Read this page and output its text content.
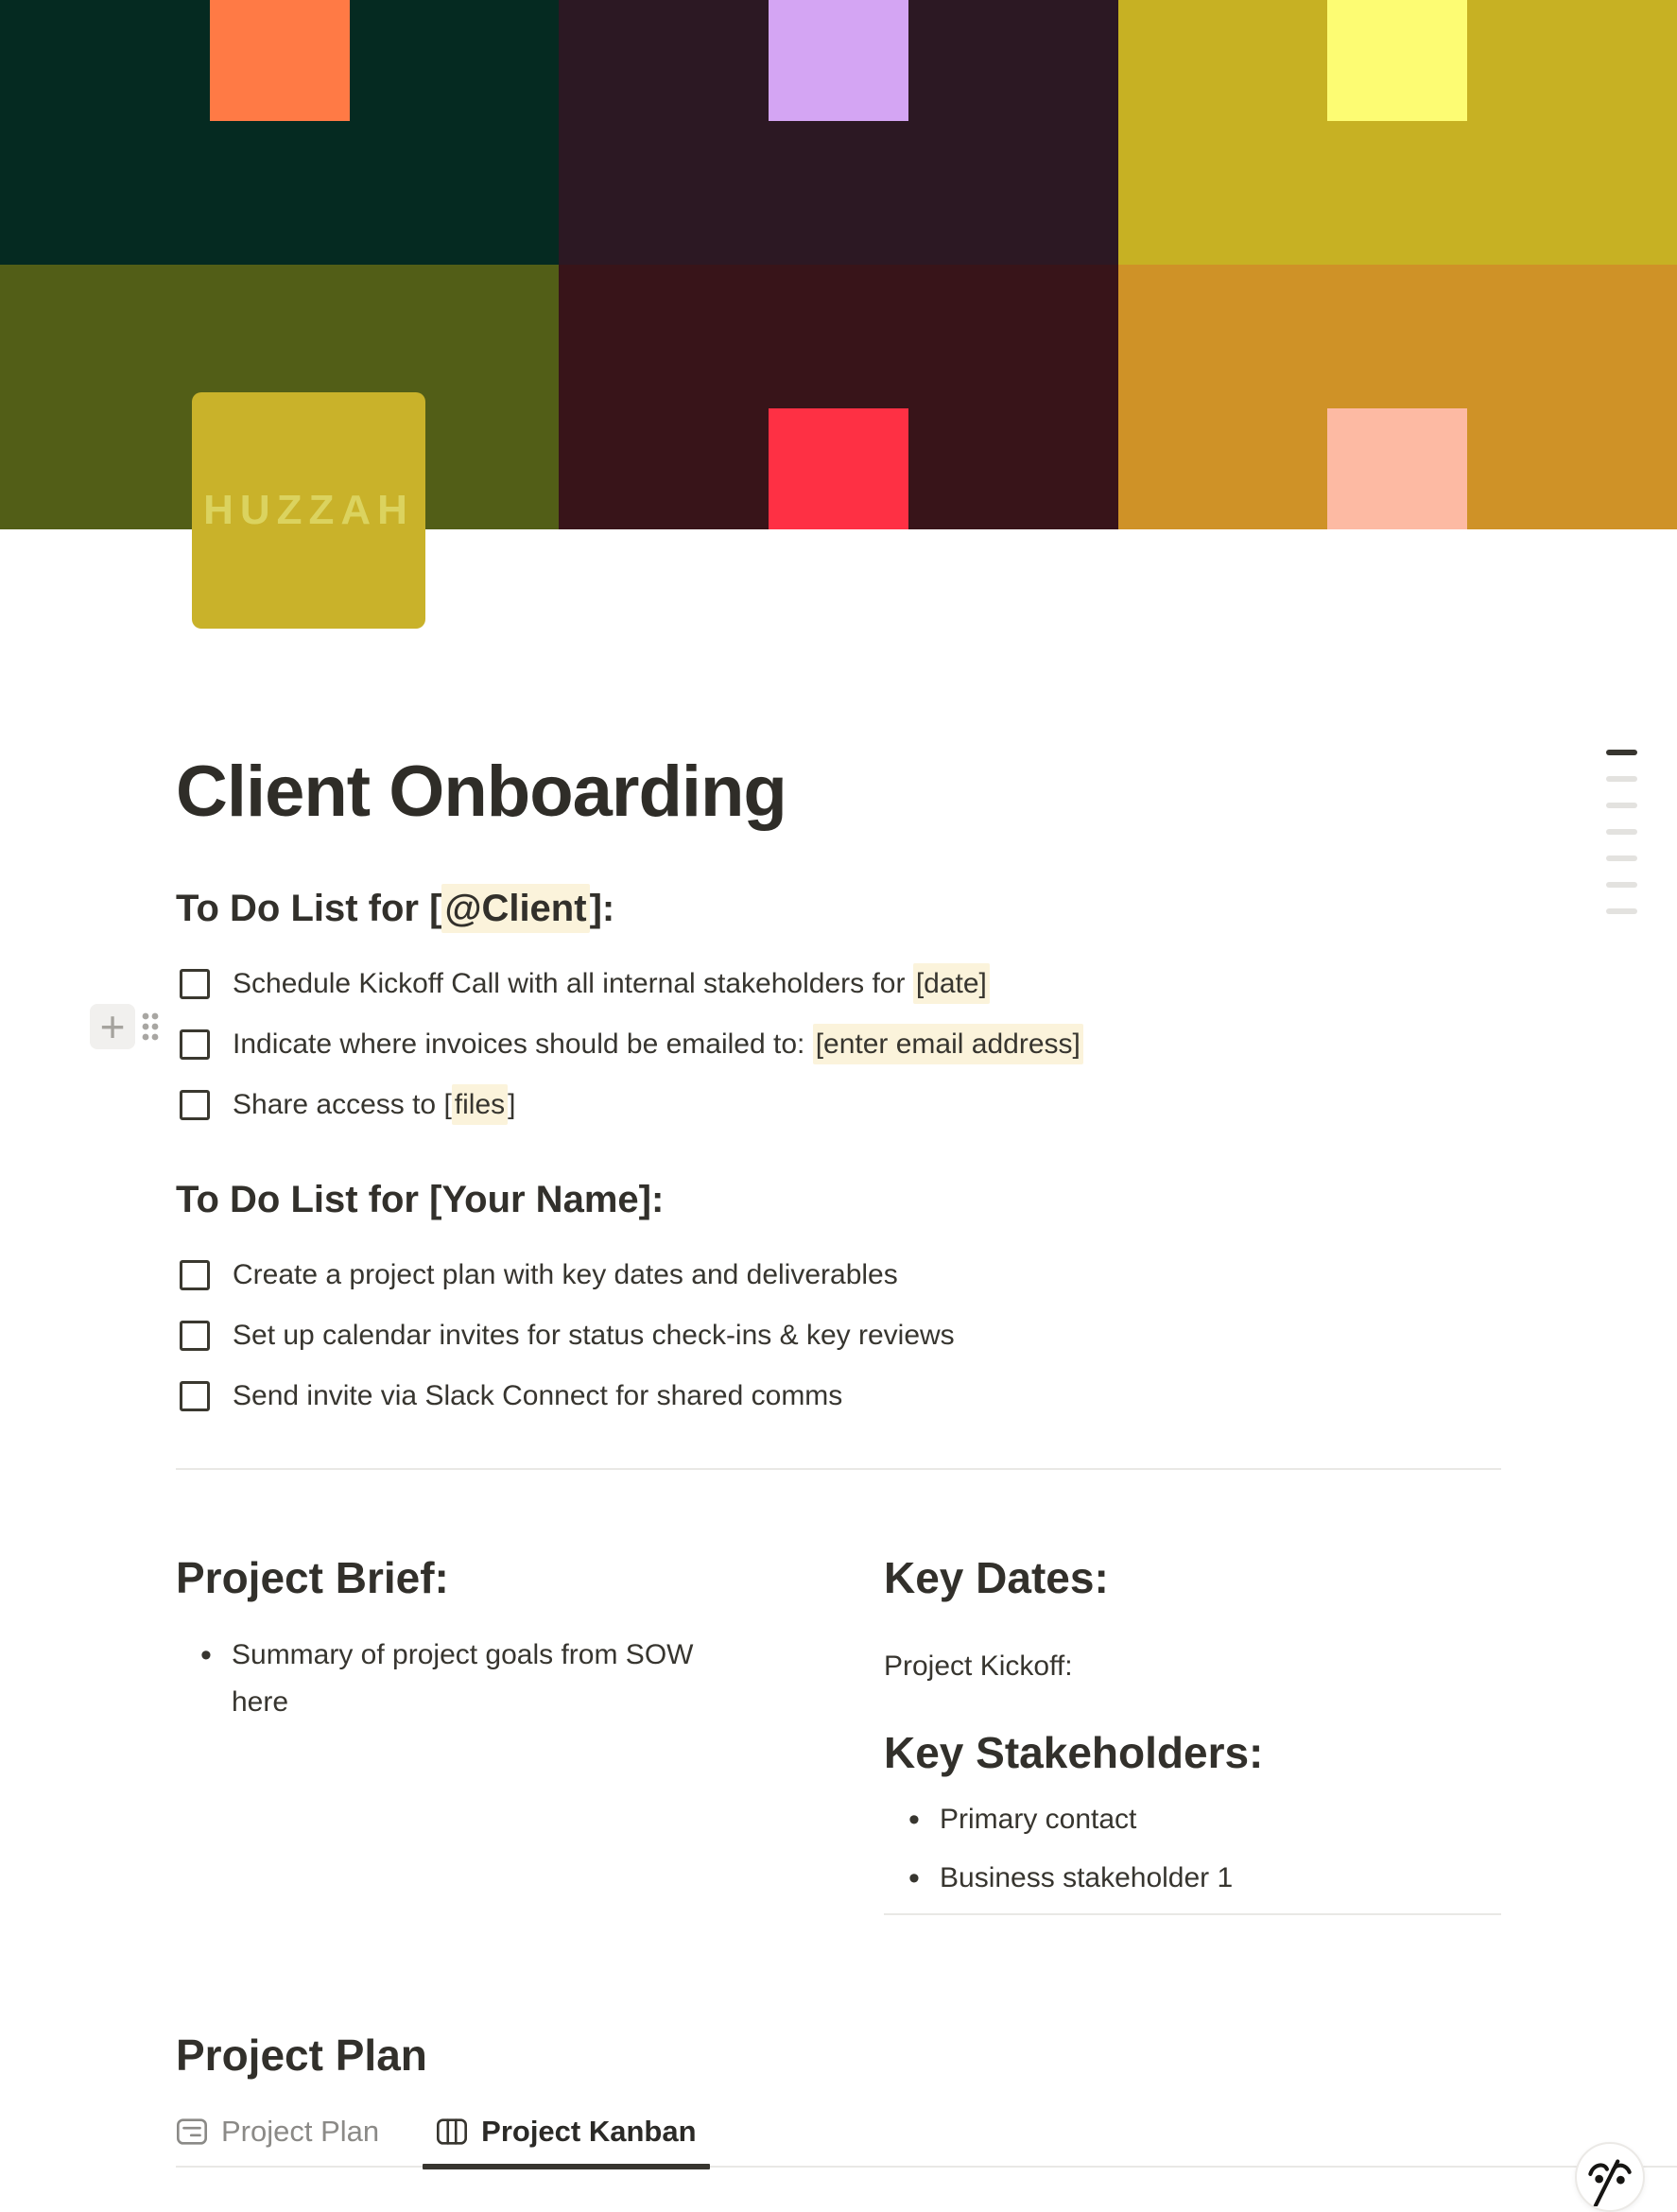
HUZZAH
Client Onboarding
To Do List for [@Client]:
Schedule Kickoff Call with all internal stakeholders for [date]
Indicate where invoices should be emailed to: [enter email address]
Share access to [ files ]
To Do List for [Your Name]:
Create a project plan with key dates and deliverables
Set up calendar invites for status check-ins & key reviews
Send invite via Slack Connect for shared comms
Project Brief:
• Summary of project goals from SOW here
Key Dates:

Project Kickoff:

Key Stakeholders:
• Primary contact
• Business stakeholder 1
Project Plan
Project Plan	Project Kanban
+
